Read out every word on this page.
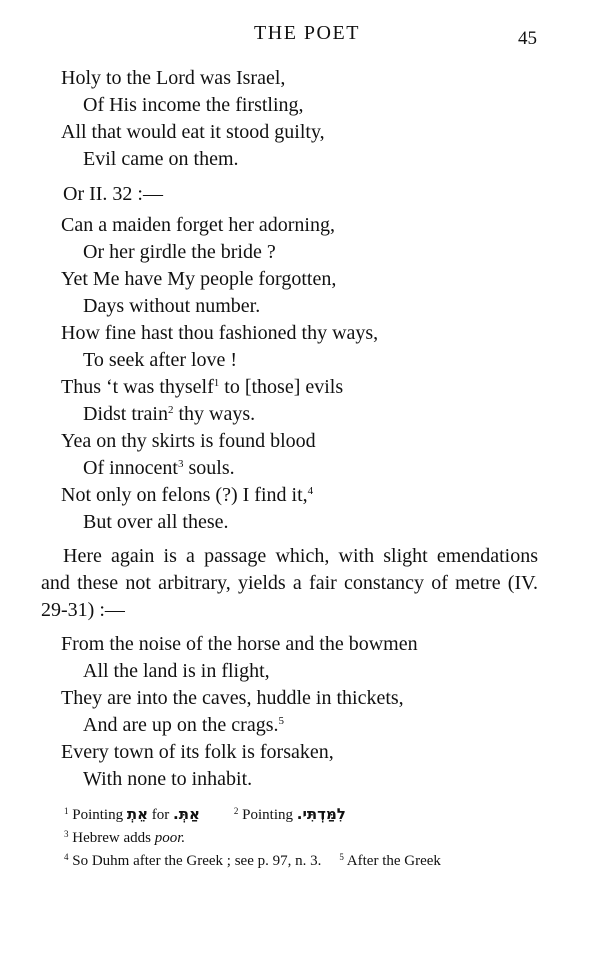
THE POET	45
Holy to the Lord was Israel,
Of His income the firstling,
All that would eat it stood guilty,
Evil came on them.
Or II. 32 :—
Can a maiden forget her adorning,
Or her girdle the bride ?
Yet Me have My people forgotten,
Days without number.
How fine hast thou fashioned thy ways,
To seek after love !
Thus ‘t was thyself$^1$ to [those] evils
Didst train$^2$ thy ways.
Yea on thy skirts is found blood
Of innocent$^3$ souls.
Not only on felons (?) I find it,$^4$
But over all these.
Here again is a passage which, with slight emendations and these not arbitrary, yields a fair constancy of metre (IV. 29-31) :—
From the noise of the horse and the bowmen
All the land is in flight,
They are into the caves, huddle in thickets,
And are up on the crags.$^5$
Every town of its folk is forsaken,
With none to inhabit.
$^1$ Pointing אֵתְ for אַתְּ.	$^2$ Pointing לִמַּדְתִּי.
$^3$ Hebrew adds poor.
$^4$ So Duhm after the Greek ; see p. 97, n. 3. $^5$ After the Greek
